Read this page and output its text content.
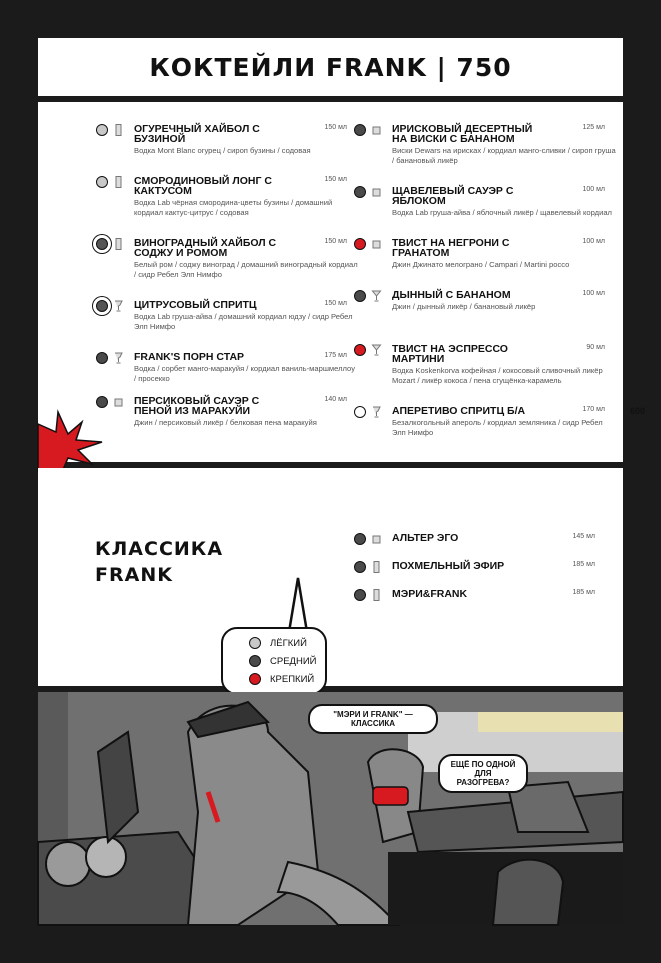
КОКТЕЙЛИ FRANK | 750
ОГУРЕЧНЫЙ ХАЙБОЛ С БУЗИНОЙ
150 мл
Водка Mont Blanc огурец / сироп бузины / содовая
СМОРОДИНОВЫЙ ЛОНГ С КАКТУСОМ
150 мл
Водка Lab чёрная смородина-цветы бузины / домашний кордиал кактус-цитрус / содовая
ВИНОГРАДНЫЙ ХАЙБОЛ С СОДЖУ И РОМОМ
150 мл
Белый ром / соджу виноград / домашний виноградный кордиал / сидр Ребел Элп Нимфо
ЦИТРУСОВЫЙ СПРИТЦ	150 мл
Водка Lab груша-айва / домашний кордиал юдзу / сидр Ребел Элп Нимфо
FRANK'S ПОРН СТАР	175 мл
Водка / сорбет манго-маракуйя / кордиал ваниль-маршмеллоу / просекко
ПЕРСИКОВЫЙ САУЭР С ПЕНОЙ ИЗ МАРАКУЙИ
140 мл
Джин / персиковый ликёр / белковая пена маракуйя
ИРИСКОВЫЙ ДЕСЕРТНЫЙ НА ВИСКИ С БАНАНОМ
125 мл
Виски Dewars на ирисках / кордиал манго-сливки / сироп груша / банановый ликёр
ЩАВЕЛЕВЫЙ САУЭР С ЯБЛОКОМ
100 мл
Водка Lab груша-айва / яблочный ликёр / щавелевый кордиал
ТВИСТ НА НЕГРОНИ С ГРАНАТОМ
100 мл
Джин Джинато мелограно / Campari / Martini россо
ДЫННЫЙ С БАНАНОМ	100 мл
Джин / дынный ликёр / банановый ликёр
ТВИСТ НА ЭСПРЕССО МАРТИНИ
90 мл
Водка Koskenkorva кофейная / кокосовый сливочный ликёр Mozart / ликёр кокоса / пена сгущёнка-карамель
АПЕРЕТИВО СПРИТЦ Б/А	170 мл
Безалкогольный апероль / кордиал земляника / сидр Ребел Элп Нимфо
600
КЛАССИКА
FRANK
АЛЬТЕР ЭГО	145 мл
ПОХМЕЛЬНЫЙ ЭФИР	185 мл
МЭРИ&FRANK	185 мл
ЛЁГКИЙ
СРЕДНИЙ
КРЕПКИЙ
"МЭРИ И FRANK" —
КЛАССИКА
ЕЩЁ ПО ОДНОЙ
ДЛЯ РАЗОГРЕВА?
